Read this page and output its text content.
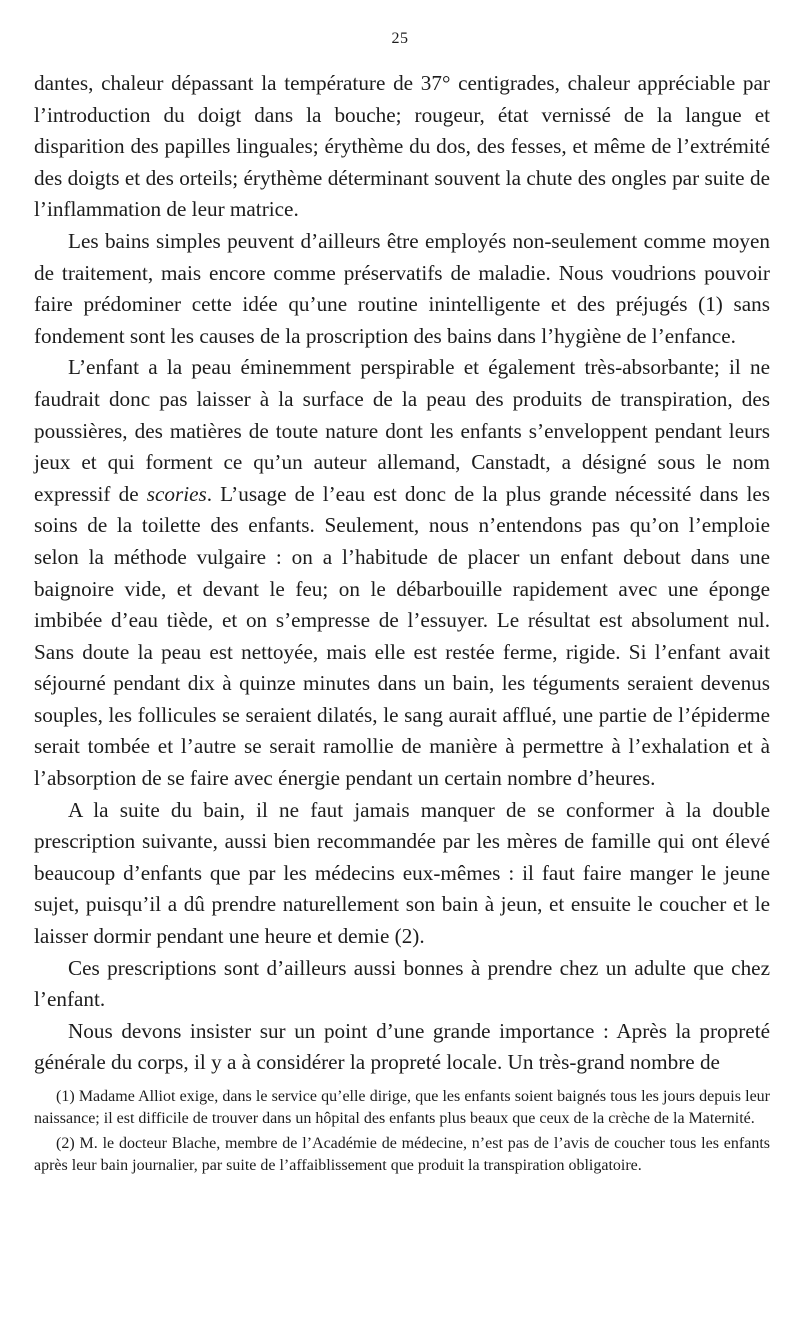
25

dantes, chaleur dépassant la température de 37° centigrades, chaleur appréciable par l’introduction du doigt dans la bouche; rougeur, état vernissé de la langue et disparition des papilles linguales; érythème du dos, des fesses, et même de l’extrémité des doigts et des orteils; érythème déterminant souvent la chute des ongles par suite de l’inflammation de leur matrice.

Les bains simples peuvent d’ailleurs être employés non-seulement comme moyen de traitement, mais encore comme préservatifs de maladie. Nous voudrions pouvoir faire prédominer cette idée qu’une routine inintelligente et des préjugés (1) sans fondement sont les causes de la proscription des bains dans l’hygiène de l’enfance.

L’enfant a la peau éminemment perspirable et également très-absorbante; il ne faudrait donc pas laisser à la surface de la peau des produits de transpiration, des poussières, des matières de toute nature dont les enfants s’enveloppent pendant leurs jeux et qui forment ce qu’un auteur allemand, Canstadt, a désigné sous le nom expressif de scories. L’usage de l’eau est donc de la plus grande nécessité dans les soins de la toilette des enfants. Seulement, nous n’entendons pas qu’on l’emploie selon la méthode vulgaire : on a l’habitude de placer un enfant debout dans une baignoire vide, et devant le feu; on le débarbouille rapidement avec une éponge imbibée d’eau tiède, et on s’empresse de l’essuyer. Le résultat est absolument nul. Sans doute la peau est nettoyée, mais elle est restée ferme, rigide. Si l’enfant avait séjourné pendant dix à quinze minutes dans un bain, les téguments seraient devenus souples, les follicules se seraient dilatés, le sang aurait afflué, une partie de l’épiderme serait tombée et l’autre se serait ramollie de manière à permettre à l’exhalation et à l’absorption de se faire avec énergie pendant un certain nombre d’heures.

A la suite du bain, il ne faut jamais manquer de se conformer à la double prescription suivante, aussi bien recommandée par les mères de famille qui ont élevé beaucoup d’enfants que par les médecins eux-mêmes : il faut faire manger le jeune sujet, puisqu’il a dû prendre naturellement son bain à jeun, et ensuite le coucher et le laisser dormir pendant une heure et demie (2).

Ces prescriptions sont d’ailleurs aussi bonnes à prendre chez un adulte que chez l’enfant.

Nous devons insister sur un point d’une grande importance : Après la propreté générale du corps, il y a à considérer la propreté locale. Un très-grand nombre de

(1) Madame Alliot exige, dans le service qu’elle dirige, que les enfants soient baignés tous les jours depuis leur naissance; il est difficile de trouver dans un hôpital des enfants plus beaux que ceux de la crèche de la Maternité.

(2) M. le docteur Blache, membre de l’Académie de médecine, n’est pas de l’avis de coucher tous les enfants après leur bain journalier, par suite de l’affaiblissement que produit la transpiration obligatoire.
